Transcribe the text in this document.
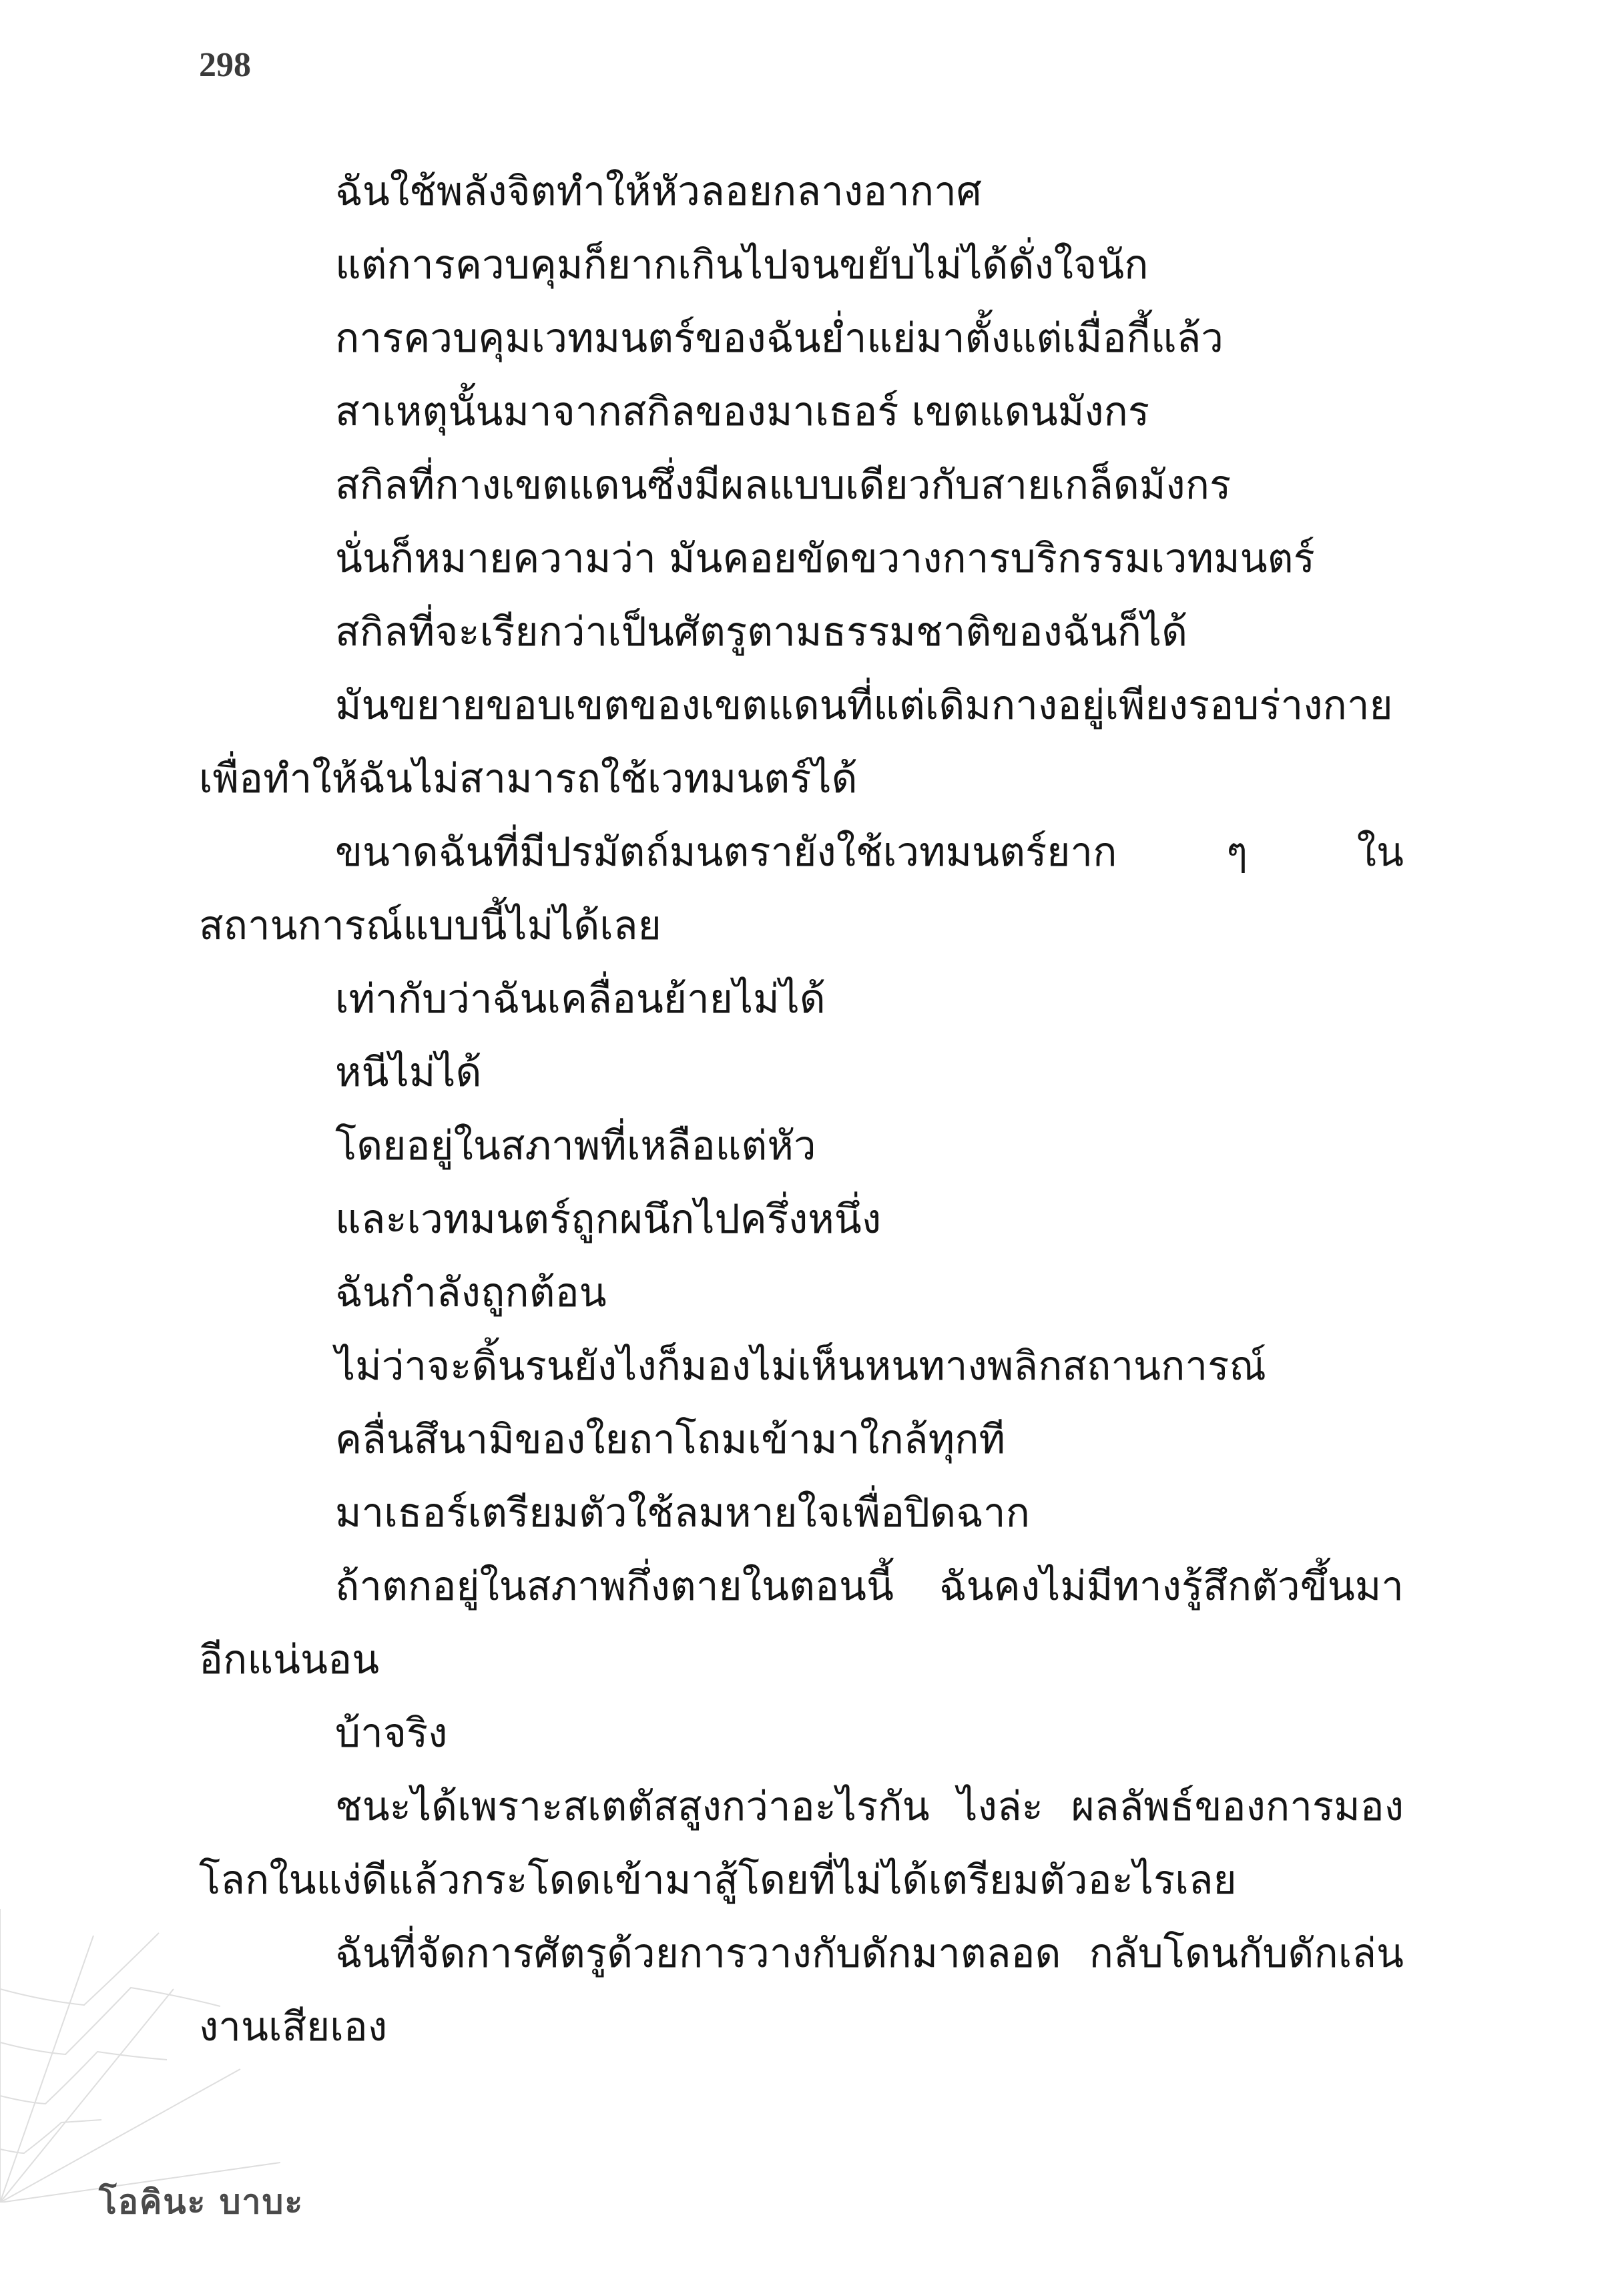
298

ฉันใช้พลังจิตทำให้หัวลอยกลางอากาศ

แต่การควบคุมก็ยากเกินไปจนขยับไม่ได้ดั่งใจนัก

การควบคุมเวทมนตร์ของฉันย่ำแย่มาตั้งแต่เมื่อกี้แล้ว

สาเหตุนั้นมาจากสกิลของมาเธอร์ เขตแดนมังกร

สกิลที่กางเขตแดนซึ่งมีผลแบบเดียวกับสายเกล็ดมังกร

นั่นก็หมายความว่า มันคอยขัดขวางการบริกรรมเวทมนตร์

สกิลที่จะเรียกว่าเป็นศัตรูตามธรรมชาติของฉันก็ได้

มันขยายขอบเขตของเขตแดนที่แต่เดิมกางอยู่เพียงรอบร่างกาย เพื่อทำให้ฉันไม่สามารถใช้เวทมนตร์ได้

ขนาดฉันที่มีปรมัตถ์มนตรายังใช้เวทมนตร์ยาก ๆ ในสถานการณ์แบบนี้ไม่ได้เลย

เท่ากับว่าฉันเคลื่อนย้ายไม่ได้

หนีไม่ได้

โดยอยู่ในสภาพที่เหลือแต่หัว

และเวทมนตร์ถูกผนึกไปครึ่งหนึ่ง

ฉันกำลังถูกต้อน

ไม่ว่าจะดิ้นรนยังไงก็มองไม่เห็นหนทางพลิกสถานการณ์

คลื่นสึนามิของใยถาโถมเข้ามาใกล้ทุกที

มาเธอร์เตรียมตัวใช้ลมหายใจเพื่อปิดฉาก

ถ้าตกอยู่ในสภาพกึ่งตายในตอนนี้ ฉันคงไม่มีทางรู้สึกตัวขึ้นมาอีกแน่นอน

บ้าจริง

ชนะได้เพราะสเตตัสสูงกว่าอะไรกัน ไงล่ะ ผลลัพธ์ของการมองโลกในแง่ดีแล้วกระโดดเข้ามาสู้โดยที่ไม่ได้เตรียมตัวอะไรเลย

ฉันที่จัดการศัตรูด้วยการวางกับดักมาตลอด กลับโดนกับดักเล่นงานเสียเอง

โอคินะ บาบะ
